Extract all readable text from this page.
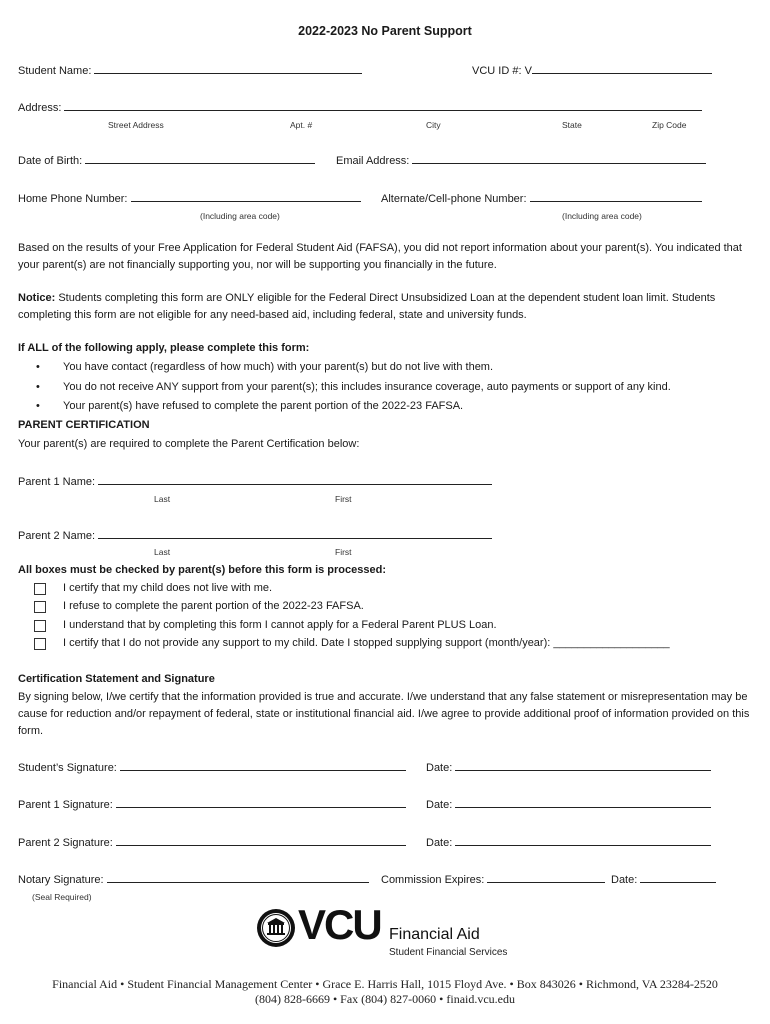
2022-2023 No Parent Support
Student Name:	VCU ID #: V
Address:
Street Address	Apt. #	City	State	Zip Code
Date of Birth:	Email Address:
Home Phone Number:	Alternate/Cell-phone Number:
(Including area code)	(Including area code)
Based on the results of your Free Application for Federal Student Aid (FAFSA), you did not report information about your parent(s). You indicated that your parent(s) are not financially supporting you, nor will be supporting you financially in the future.
Notice: Students completing this form are ONLY eligible for the Federal Direct Unsubsidized Loan at the dependent student loan limit. Students completing this form are not eligible for any need-based aid, including federal, state and university funds.
If ALL of the following apply, please complete this form:
• You have contact (regardless of how much) with your parent(s) but do not live with them.
• You do not receive ANY support from your parent(s); this includes insurance coverage, auto payments or support of any kind.
• Your parent(s) have refused to complete the parent portion of the 2022-23 FAFSA.
PARENT CERTIFICATION
Your parent(s) are required to complete the Parent Certification below:
Parent 1 Name:
Last	First
Parent 2 Name:
Last	First
All boxes must be checked by parent(s) before this form is processed:
I certify that my child does not live with me.
I refuse to complete the parent portion of the 2022-23 FAFSA.
I understand that by completing this form I cannot apply for a Federal Parent PLUS Loan.
I certify that I do not provide any support to my child. Date I stopped supplying support (month/year): ___________________
Certification Statement and Signature
By signing below, I/we certify that the information provided is true and accurate. I/we understand that any false statement or misrepresentation may be cause for reduction and/or repayment of federal, state or institutional financial aid. I/we agree to provide additional proof of information provided on this form.
Student’s Signature:	Date:
Parent 1 Signature:	Date:
Parent 2 Signature:	Date:
Notary Signature:	Commission Expires:	Date:
(Seal Required)
VCU Financial Aid
Student Financial Services
Financial Aid • Student Financial Management Center • Grace E. Harris Hall, 1015 Floyd Ave. • Box 843026 • Richmond, VA 23284-2520
(804) 828-6669 • Fax (804) 827-0060 • finaid.vcu.edu
